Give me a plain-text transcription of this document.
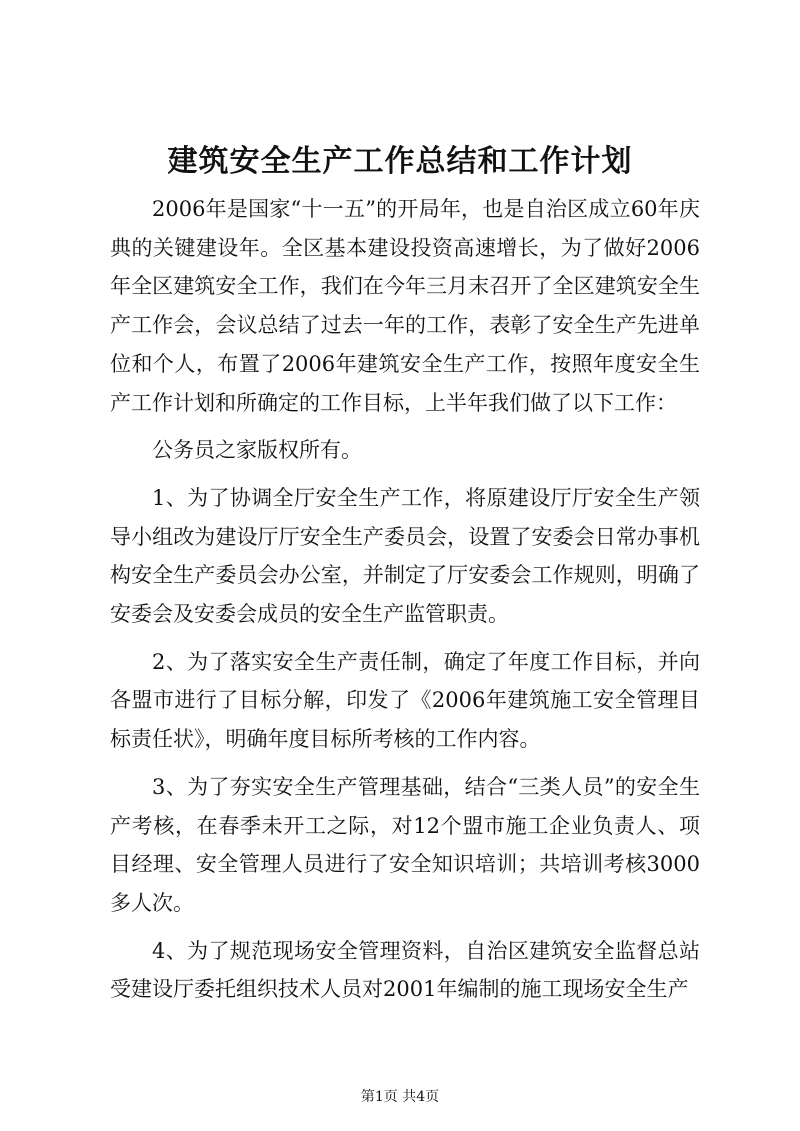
建筑安全生产工作总结和工作计划

2006年是国家“十一五”的开局年，也是自治区成立60年庆典的关键建设年。全区基本建设投资高速增长，为了做好2006年全区建筑安全工作，我们在今年三月末召开了全区建筑安全生产工作会，会议总结了过去一年的工作，表彰了安全生产先进单位和个人，布置了2006年建筑安全生产工作，按照年度安全生产工作计划和所确定的工作目标，上半年我们做了以下工作：

公务员之家版权所有。

1、为了协调全厅安全生产工作，将原建设厅厅安全生产领导小组改为建设厅厅安全生产委员会，设置了安委会日常办事机构安全生产委员会办公室，并制定了厅安委会工作规则，明确了安委会及安委会成员的安全生产监管职责。

2、为了落实安全生产责任制，确定了年度工作目标，并向各盟市进行了目标分解，印发了《2006年建筑施工安全管理目标责任状》，明确年度目标所考核的工作内容。

3、为了夯实安全生产管理基础，结合“三类人员”的安全生产考核，在春季未开工之际，对12个盟市施工企业负责人、项目经理、安全管理人员进行了安全知识培训；共培训考核3000多人次。

4、为了规范现场安全管理资料，自治区建筑安全监督总站受建设厅委托组织技术人员对2001年编制的施工现场安全生产

第1页 共4页
